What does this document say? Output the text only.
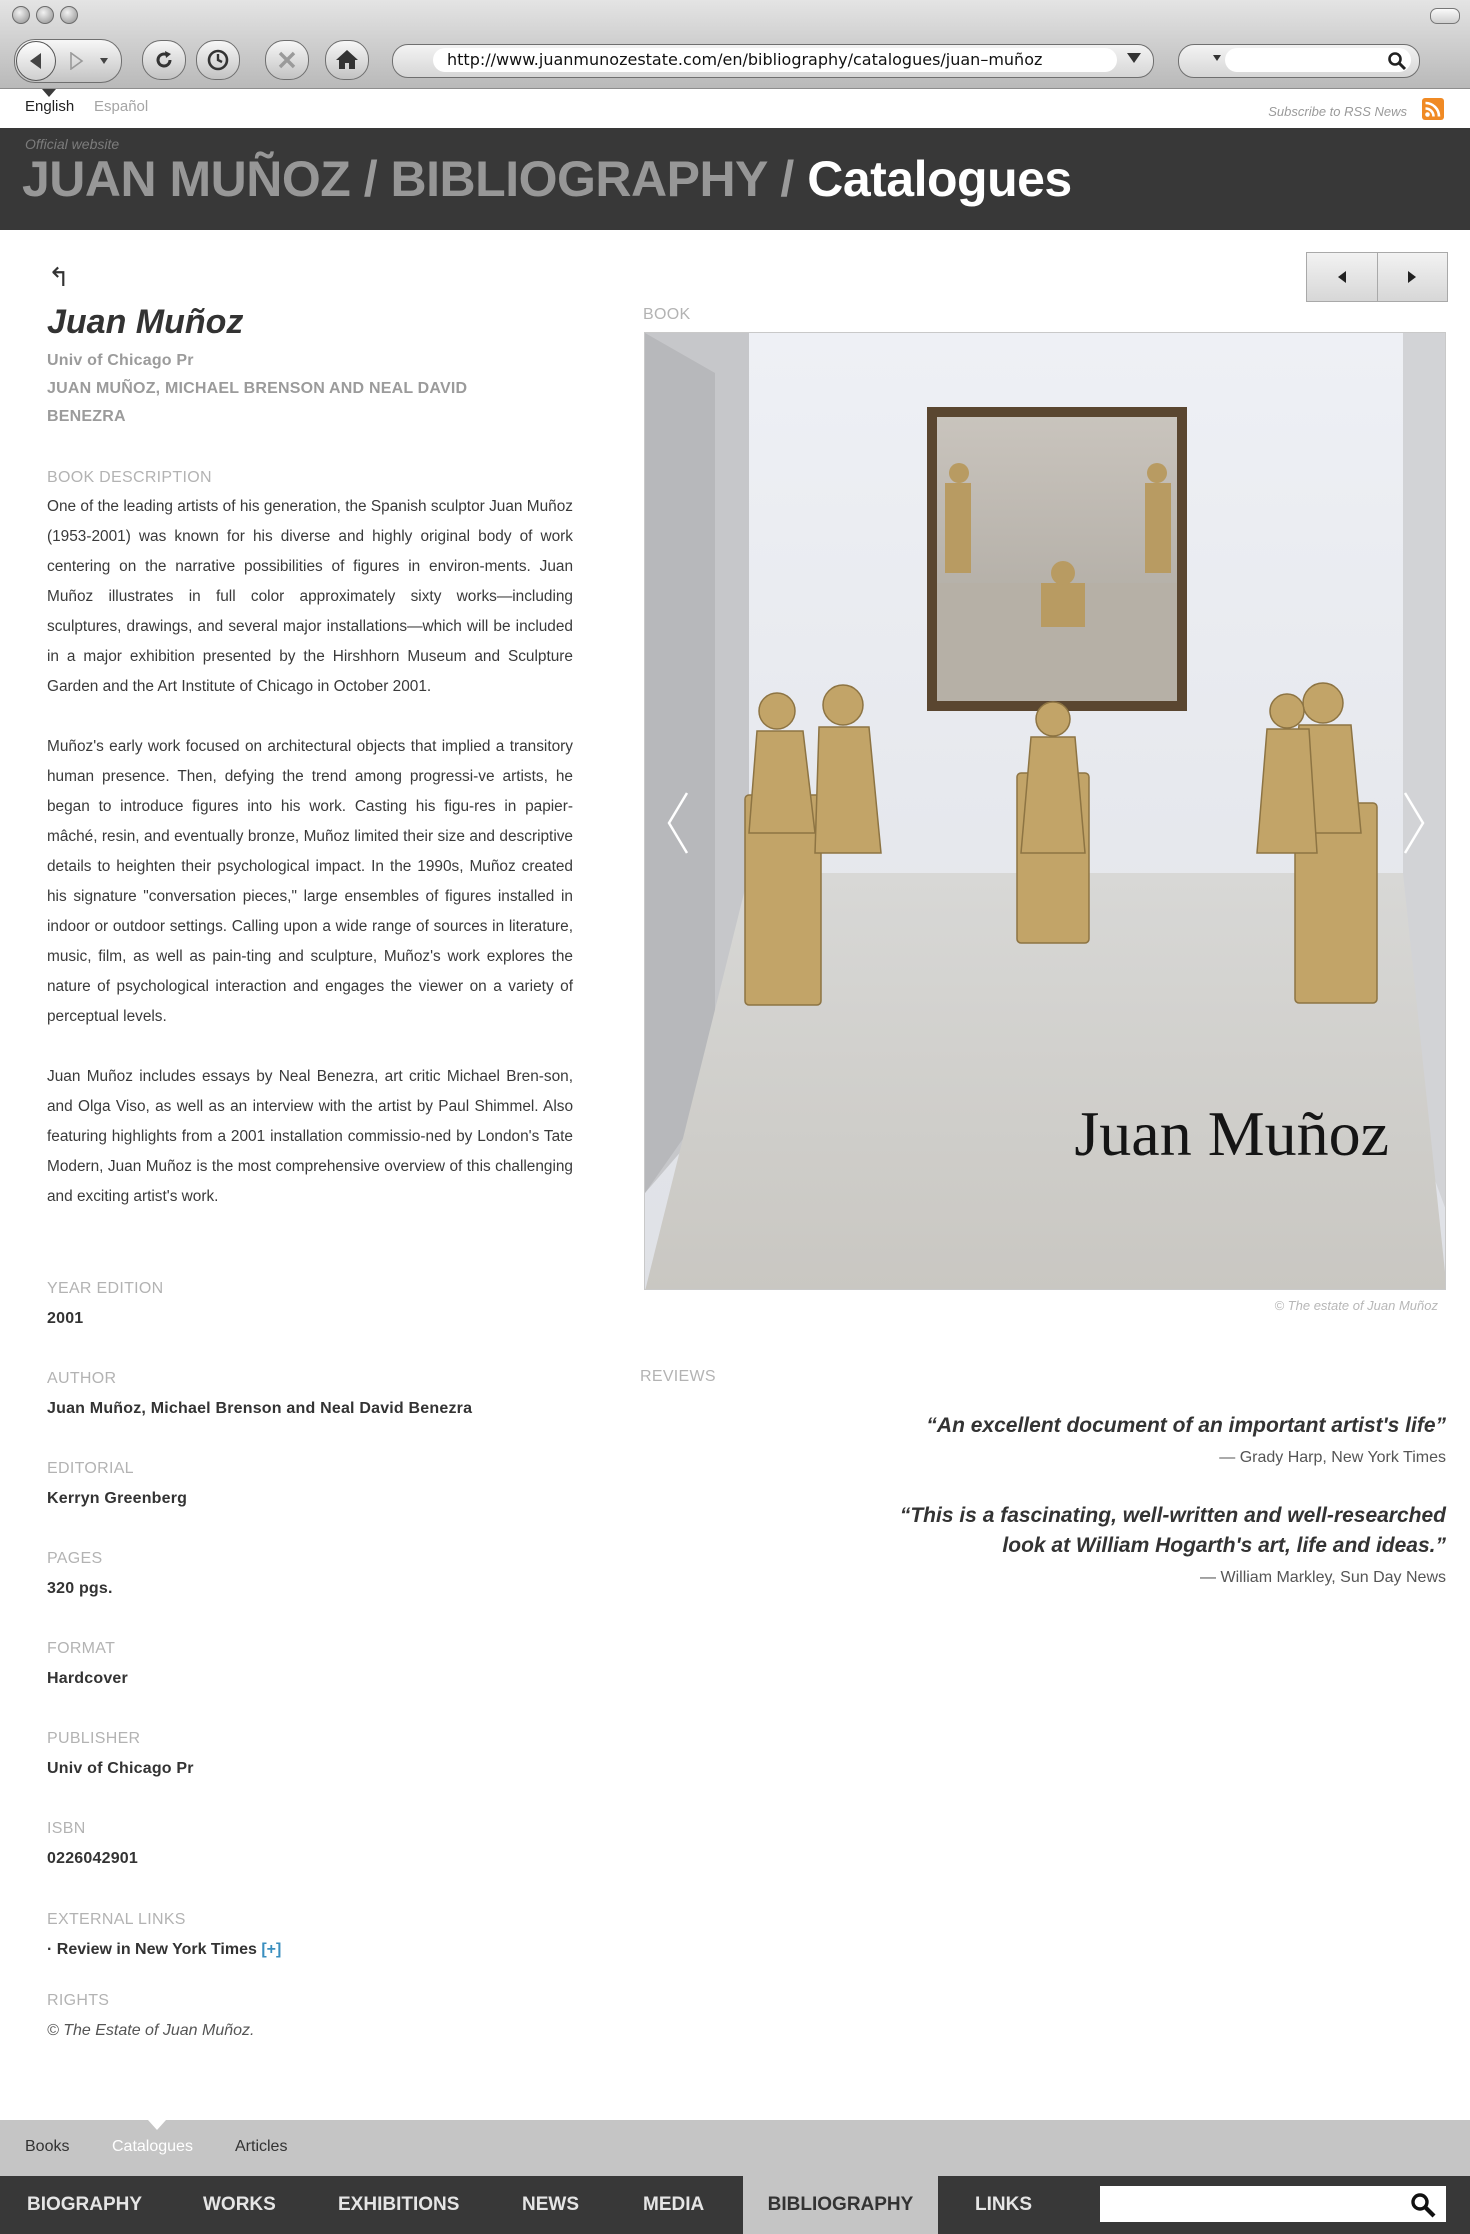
http://www.juanmunozestate.com/en/bibliography/catalogues/juan–muñoz
English Español	Subscribe to RSS News
Official website
JUAN MUÑOZ / BIBLIOGRAPHY / Catalogues
↰
Juan Muñoz
Univ of Chicago Pr
JUAN MUÑOZ, MICHAEL BRENSON AND NEAL DAVID
BENEZRA
BOOK DESCRIPTION

One of the leading artists of his generation, the Spanish sculptor Juan Muñoz (1953-2001) was known for his diverse and highly original body of work centering on the narrative possibilities of figures in environ-ments. Juan Muñoz illustrates in full color approximately sixty works—including sculptures, drawings, and several major installations—which will be included in a major exhibition presented by the Hirshhorn Museum and Sculpture Garden and the Art Institute of Chicago in October 2001.

Muñoz's early work focused on architectural objects that implied a transitory human presence. Then, defying the trend among progressi-ve artists, he began to introduce figures into his work. Casting his figu-res in papier-mâché, resin, and eventually bronze, Muñoz limited their size and descriptive details to heighten their psychological impact. In the 1990s, Muñoz created his signature "conversation pieces," large ensembles of figures installed in indoor or outdoor settings. Calling upon a wide range of sources in literature, music, film, as well as pain-ting and sculpture, Muñoz's work explores the nature of psychological interaction and engages the viewer on a variety of perceptual levels.

Juan Muñoz includes essays by Neal Benezra, art critic Michael Bren-son, and Olga Viso, as well as an interview with the artist by Paul Shimmel. Also featuring highlights from a 2001 installation commissio-ned by London's Tate Modern, Juan Muñoz is the most comprehensive overview of this challenging and exciting artist's work.

YEAR EDITION
2001
AUTHOR
Juan Muñoz, Michael Brenson and Neal David Benezra
EDITORIAL
Kerryn Greenberg
PAGES
320 pgs.
FORMAT
Hardcover
PUBLISHER
Univ of Chicago Pr
ISBN
0226042901
EXTERNAL LINKS
· Review in New York Times [+]
RIGHTS
© The Estate of Juan Muñoz.
BOOK
Juan Muñoz
© The estate of Juan Muñoz
REVIEWS
“An excellent document of an important artist's life”
— Grady Harp, New York Times
“This is a fascinating, well-written and well-researched
look at William Hogarth's art, life and ideas.”
— William Markley, Sun Day News
Books	Catalogues	Articles
BIOGRAPHY	WORKS	EXHIBITIONS	NEWS	MEDIA	BIBLIOGRAPHY	LINKS
